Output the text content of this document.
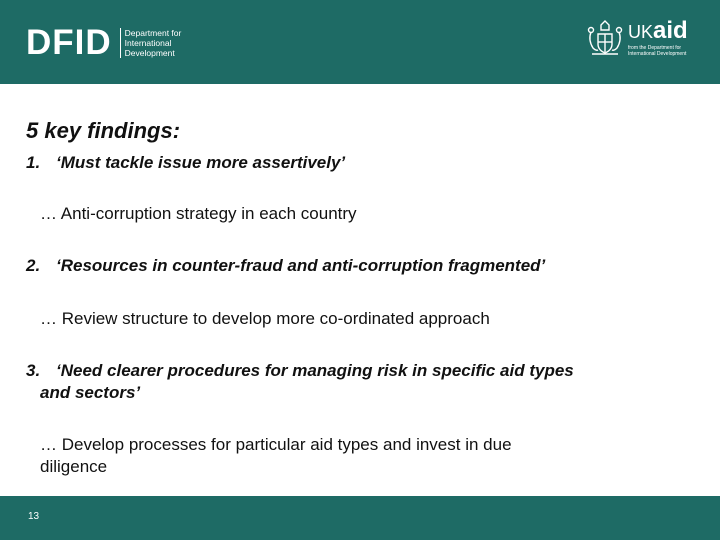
DFID Department for
International
Development
UKaid
from the Department for
International Development
5 key findings:
1. ‘Must tackle issue more assertively’
… Anti-corruption strategy in each country
2. ‘Resources in counter-fraud and anti-corruption fragmented’
… Review structure to develop more co-ordinated approach
3. ‘Need clearer procedures for managing risk in specific aid types
and sectors’
… Develop processes for particular aid types and invest in due
diligence
13
